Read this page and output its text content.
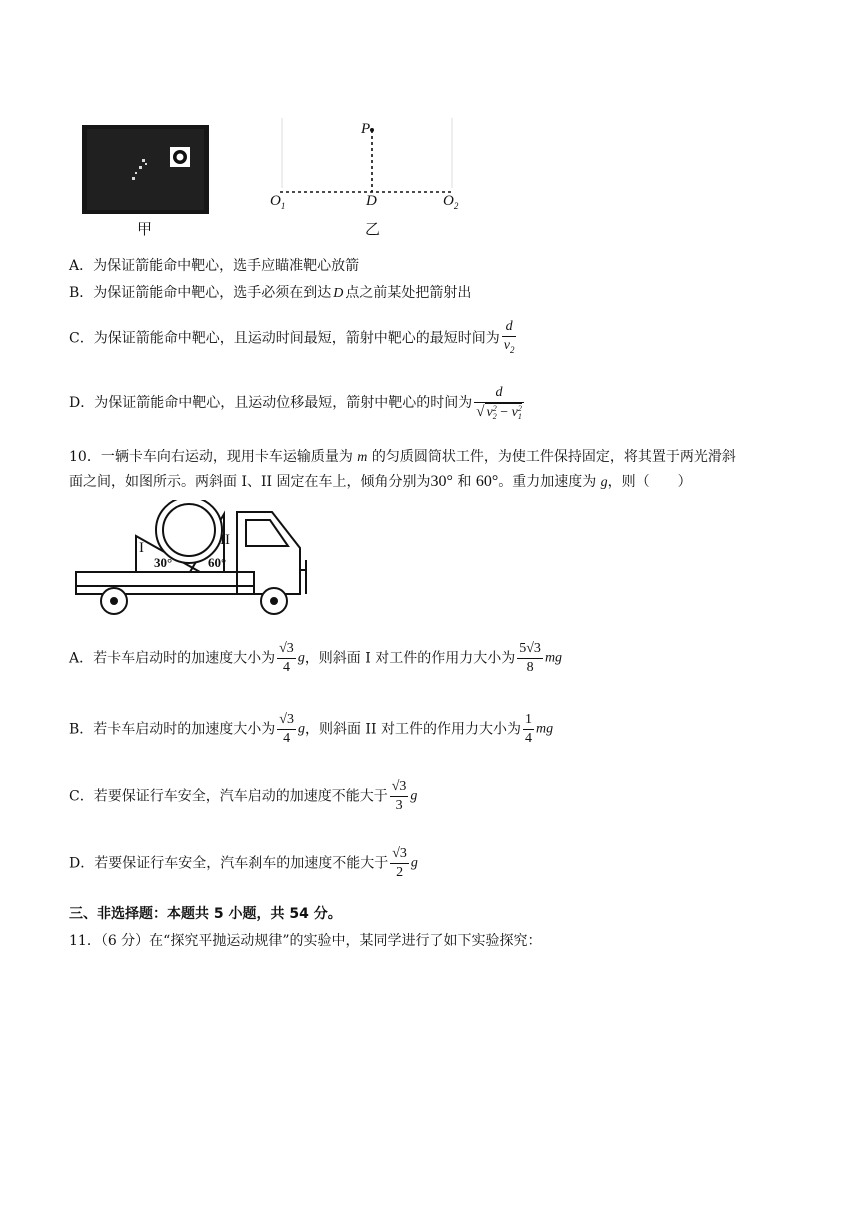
甲
P
$O_1$	D	$O_2$
乙
A．为保证箭能命中靶心，选手应瞄准靶心放箭
B．为保证箭能命中靶心，选手必须在到达 D 点之前某处把箭射出
C．为保证箭能命中靶心，且运动时间最短，箭射中靶心的最短时间为 $\frac{d}{v_2}$
D．为保证箭能命中靶心，且运动位移最短，箭射中靶心的时间为 d
√ v 2
2 − v 2
1
10．一辆卡车向右运动，现用卡车运输质量为 m 的匀质圆筒状工件，为使工件保持固定，将其置于两光滑斜
面之间，如图所示。两斜面 I、II 固定在车上，倾角分别为30° 和 60°。重力加速度为 g，则（　　）
I	II
30°	60°
A．若卡车启动时的加速度大小为 $\frac{√3}{4}$ g，则斜面 I 对工件的作用力大小为 $\frac{5√3}{8}$ mg
B．若卡车启动时的加速度大小为 $\frac{√3}{4}$ g，则斜面 II 对工件的作用力大小为 $\frac{1}{4}$ mg
C．若要保证行车安全，汽车启动的加速度不能大于 $\frac{√3}{3}$ g
D．若要保证行车安全，汽车刹车的加速度不能大于 $\frac{√3}{2}$ g
三、非选择题：本题共 5 小题，共 54 分。
11．（6 分）在“探究平抛运动规律”的实验中，某同学进行了如下实验探究：
